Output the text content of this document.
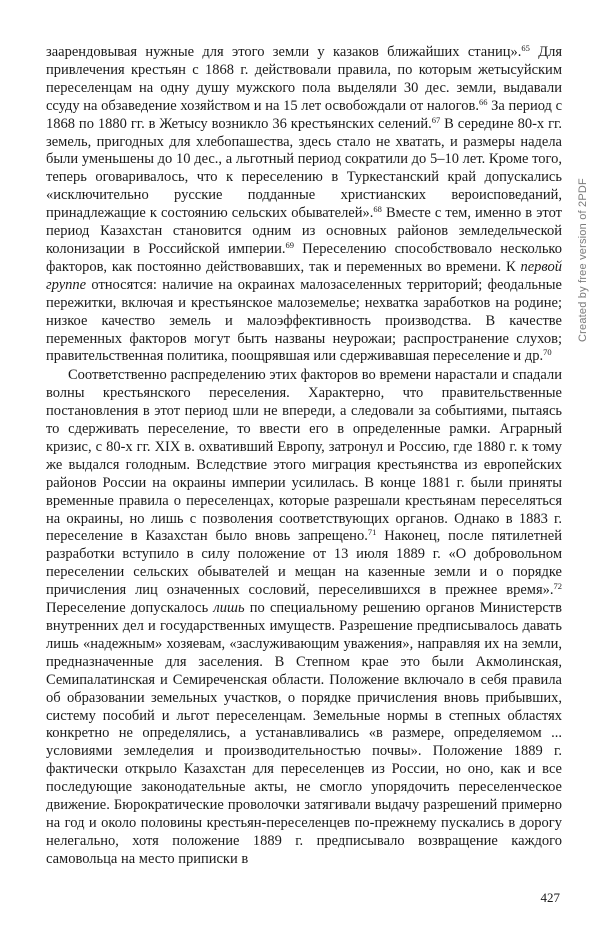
заарендовывая нужные для этого земли у казаков ближайших станиц».$^{65}$ Для привлечения крестьян с 1868 г. действовали правила, по которым жетысуйским переселенцам на одну душу мужского пола выделяли 30 дес. земли, выдавали ссуду на обзаведение хозяйством и на 15 лет освобождали от налогов.$^{66}$ За период с 1868 по 1880 гг. в Жетысу возникло 36 крестьянских селений.$^{67}$ В середине 80-х гг. земель, пригодных для хлебопашества, здесь стало не хватать, и размеры надела были уменьшены до 10 дес., а льготный период сократили до 5–10 лет. Кроме того, теперь оговаривалось, что к переселению в Туркестанский край допускались «исключительно русские подданные христианских вероисповеданий, принадлежащие к состоянию сельских обывателей».$^{68}$ Вместе с тем, именно в этот период Казахстан становится одним из основных районов земледельческой колонизации в Российской империи.$^{69}$ Переселению способствовало несколько факторов, как постоянно действовавших, так и переменных во времени. К первой группе относятся: наличие на окраинах малозаселенных территорий; феодальные пережитки, включая и крестьянское малоземелье; нехватка заработков на родине; низкое качество земель и малоэффективность производства. В качестве переменных факторов могут быть названы неурожаи; распространение слухов; правительственная политика, поощрявшая или сдерживавшая переселение и др.$^{70}$

Соответственно распределению этих факторов во времени нарастали и спадали волны крестьянского переселения. Характерно, что правительственные постановления в этот период шли не впереди, а следовали за событиями, пытаясь то сдерживать переселение, то ввести его в определенные рамки. Аграрный кризис, с 80-х гг. XIX в. охвативший Европу, затронул и Россию, где 1880 г. к тому же выдался голодным. Вследствие этого миграция крестьянства из европейских районов России на окраины империи усилилась. В конце 1881 г. были приняты временные правила о переселенцах, которые разрешали крестьянам переселяться на окраины, но лишь с позволения соответствующих органов. Однако в 1883 г. переселение в Казахстан было вновь запрещено.$^{71}$ Наконец, после пятилетней разработки вступило в силу положение от 13 июля 1889 г. «О добровольном переселении сельских обывателей и мещан на казенные земли и о порядке причисления лиц означенных сословий, переселившихся в прежнее время».$^{72}$ Переселение допускалось лишь по специальному решению органов Министерств внутренних дел и государственных имуществ. Разрешение предписывалось давать лишь «надежным» хозяевам, «заслуживающим уважения», направляя их на земли, предназначенные для заселения. В Степном крае это были Акмолинская, Семипалатинская и Семиреченская области. Положение включало в себя правила об образовании земельных участков, о порядке причисления вновь прибывших, систему пособий и льгот переселенцам. Земельные нормы в степных областях конкретно не определялись, а устанавливались «в размере, определяемом ... условиями земледелия и производительностью почвы». Положение 1889 г. фактически открыло Казахстан для переселенцев из России, но оно, как и все последующие законодательные акты, не смогло упорядочить переселенческое движение. Бюрократические проволочки затягивали выдачу разрешений примерно на год и около половины крестьян-переселенцев по-прежнему пускались в дорогу нелегально, хотя положение 1889 г. предписывало возвращение каждого самовольца на место приписки в

Created by free version of 2PDF
427
